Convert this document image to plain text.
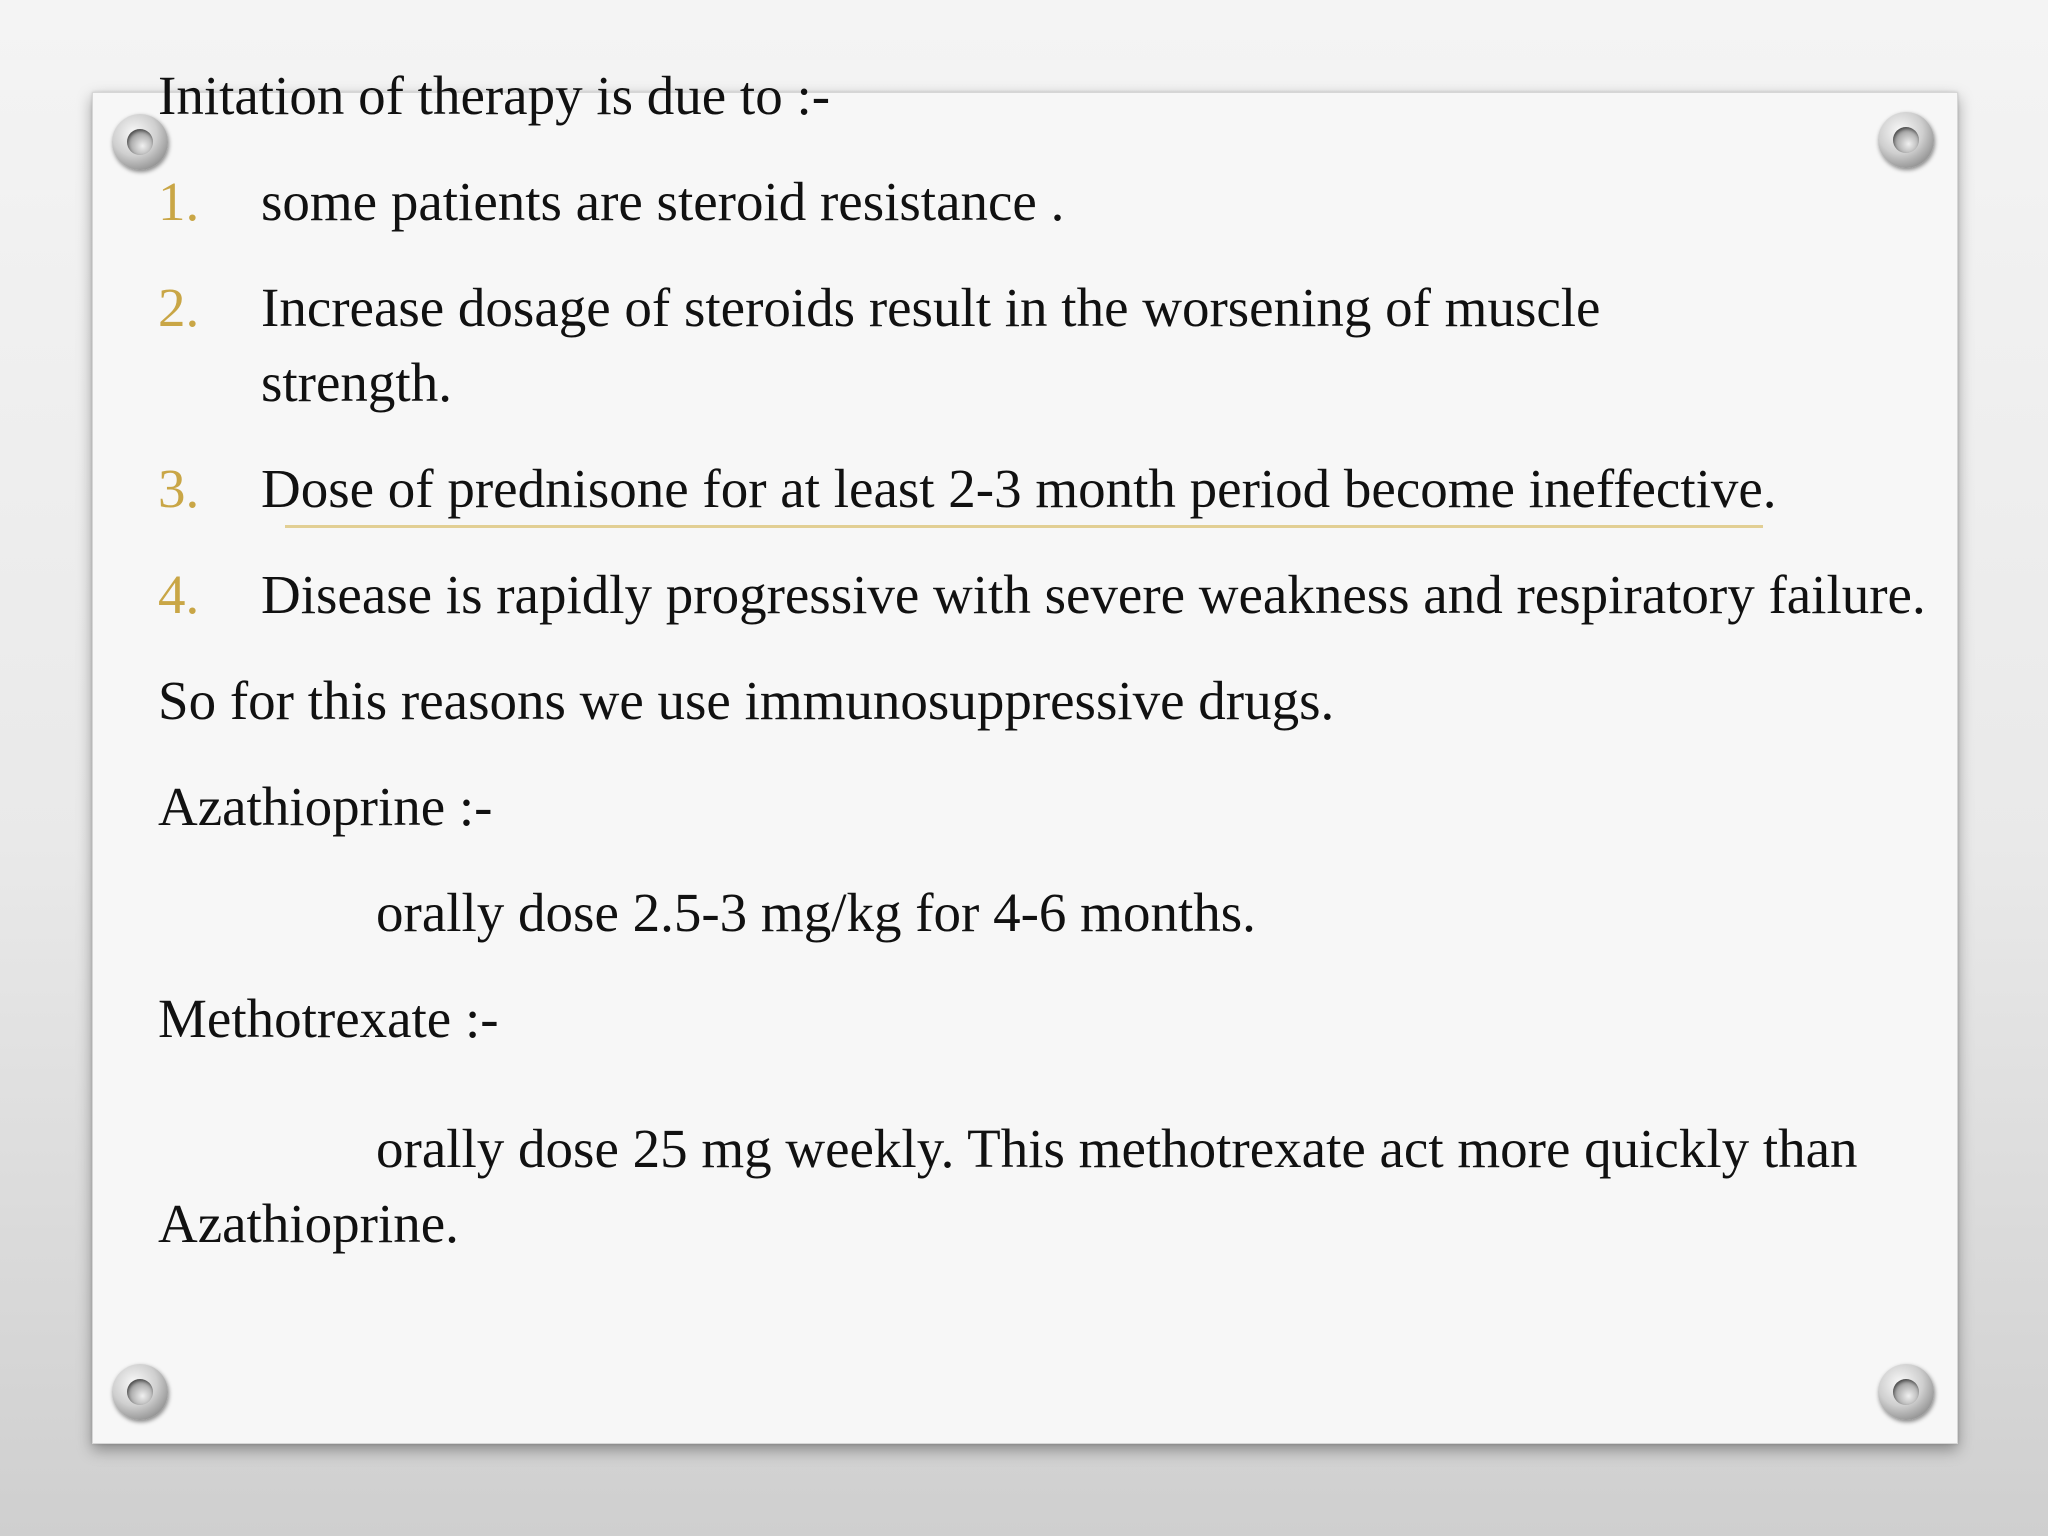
Initation of therapy is due to :-

1. some patients are steroid resistance .
2. Increase dosage of steroids result in the worsening of muscle strength.
3. Dose of prednisone for at least 2-3 month period become ineffective.
4. Disease is rapidly progressive with severe weakness and respiratory failure.

So for this reasons we use immunosuppressive drugs.

Azathioprine :-

orally dose 2.5-3 mg/kg for 4-6 months.

Methotrexate :-

orally dose 25 mg weekly. This methotrexate act more quickly than Azathioprine.
